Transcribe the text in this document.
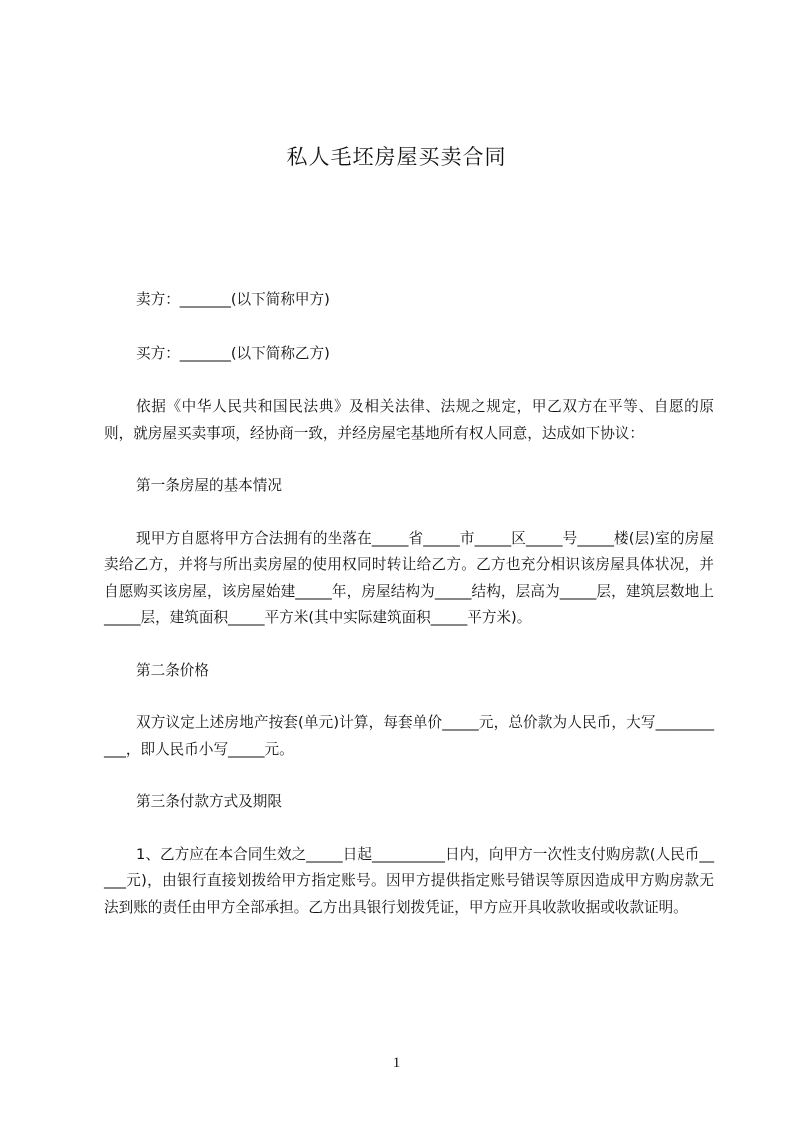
私人毛坯房屋买卖合同

卖方：_______(以下简称甲方)

买方：_______(以下简称乙方)

依据《中华人民共和国民法典》及相关法律、法规之规定，甲乙双方在平等、自愿的原则，就房屋买卖事项，经协商一致，并经房屋宅基地所有权人同意，达成如下协议：

第一条房屋的基本情况

现甲方自愿将甲方合法拥有的坐落在_____省_____市_____区_____号_____楼(层)室的房屋卖给乙方，并将与所出卖房屋的使用权同时转让给乙方。乙方也充分相识该房屋具体状况，并自愿购买该房屋，该房屋始建_____年，房屋结构为_____结构，层高为_____层，建筑层数地上_____层，建筑面积_____平方米(其中实际建筑面积_____平方米)。

第二条价格

双方议定上述房地产按套(单元)计算，每套单价_____元，总价款为人民币，大写___________，即人民币小写_____元。

第三条付款方式及期限

1、乙方应在本合同生效之_____日起__________日内，向甲方一次性支付购房款(人民币_____元)，由银行直接划拨给甲方指定账号。因甲方提供指定账号错误等原因造成甲方购房款无法到账的责任由甲方全部承担。乙方出具银行划拨凭证，甲方应开具收款收据或收款证明。

1
